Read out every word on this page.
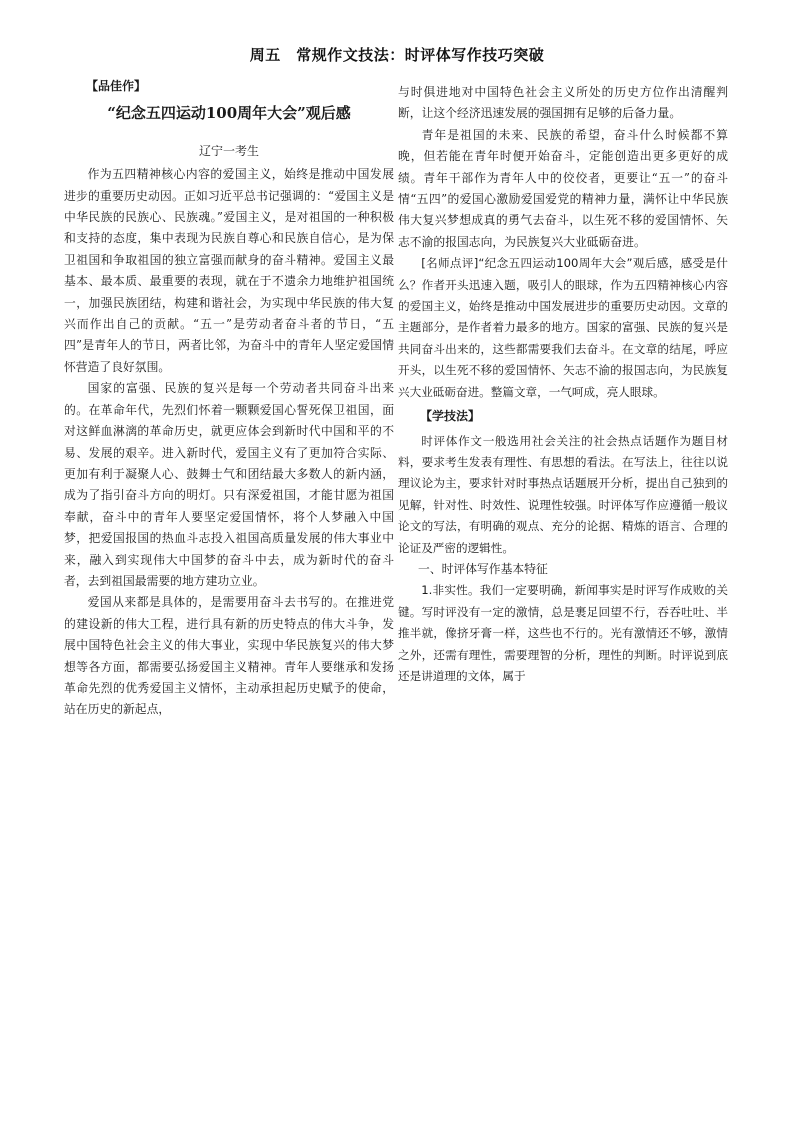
周五　常规作文技法：时评体写作技巧突破
【品佳作】
“纪念五四运动100周年大会”观后感
辽宁一考生

作为五四精神核心内容的爱国主义，始终是推动中国发展进步的重要历史动因。正如习近平总书记强调的：“爱国主义是中华民族的民族心、民族魂。”爱国主义，是对祖国的一种积极和支持的态度，集中表现为民族自尊心和民族自信心，是为保卫祖国和争取祖国的独立富强而献身的奋斗精神。爱国主义最基本、最本质、最重要的表现，就在于不遗余力地维护祖国统一，加强民族团结，构建和谐社会，为实现中华民族的伟大复兴而作出自己的贡献。“五一”是劳动者奋斗者的节日，“五四”是青年人的节日，两者比邻，为奋斗中的青年人坚定爱国情怀营造了良好氛围。

国家的富强、民族的复兴是每一个劳动者共同奋斗出来的。在革命年代，先烈们怀着一颗颗爱国心誓死保卫祖国，面对这鲜血淋漓的革命历史，就更应体会到新时代中国和平的不易、发展的艰辛。进入新时代，爱国主义有了更加符合实际、更加有利于凝聚人心、鼓舞士气和团结最大多数人的新内涵，成为了指引奋斗方向的明灯。只有深爱祖国，才能甘愿为祖国奉献，奋斗中的青年人要坚定爱国情怀，将个人梦融入中国梦，把爱国报国的热血斗志投入祖国高质量发展的伟大事业中来，融入到实现伟大中国梦的奋斗中去，成为新时代的奋斗者，去到祖国最需要的地方建功立业。

爱国从来都是具体的，是需要用奋斗去书写的。在推进党的建设新的伟大工程，进行具有新的历史特点的伟大斗争，发展中国特色社会主义的伟大事业，实现中华民族复兴的伟大梦想等各方面，都需要弘扬爱国主义精神。青年人要继承和发扬革命先烈的优秀爱国主义情怀，主动承担起历史赋予的使命，站在历史的新起点，

与时俱进地对中国特色社会主义所处的历史方位作出清醒判断，让这个经济迅速发展的强国拥有足够的后备力量。

青年是祖国的未来、民族的希望，奋斗什么时候都不算晚，但若能在青年时便开始奋斗，定能创造出更多更好的成绩。青年干部作为青年人中的佼佼者，更要让“五一”的奋斗情“五四”的爱国心激励爱国爱党的精神力量，满怀让中华民族伟大复兴梦想成真的勇气去奋斗，以生死不移的爱国情怀、矢志不渝的报国志向，为民族复兴大业砥砺奋进。

[名师点评]“纪念五四运动100周年大会”观后感，感受是什么？作者开头迅速入题，吸引人的眼球，作为五四精神核心内容的爱国主义，始终是推动中国发展进步的重要历史动因。文章的主题部分，是作者着力最多的地方。国家的富强、民族的复兴是共同奋斗出来的，这些都需要我们去奋斗。在文章的结尾，呼应开头，以生死不移的爱国情怀、矢志不渝的报国志向，为民族复兴大业砥砺奋进。整篇文章，一气呵成，亮人眼球。

【学技法】

时评体作文一般选用社会关注的社会热点话题作为题目材料，要求考生发表有理性、有思想的看法。在写法上，往往以说理议论为主，要求针对时事热点话题展开分析，提出自己独到的见解，针对性、时效性、说理性较强。时评体写作应遵循一般议论文的写法，有明确的观点、充分的论据、精炼的语言、合理的论证及严密的逻辑性。

一、时评体写作基本特征

1.非实性。我们一定要明确，新闻事实是时评写作成败的关键。写时评没有一定的激情，总是裹足回望不行，吞吞吐吐、半推半就，像挤牙膏一样，这些也不行的。光有激情还不够，激情之外，还需有理性，需要理智的分析，理性的判断。时评说到底还是讲道理的文体，属于
